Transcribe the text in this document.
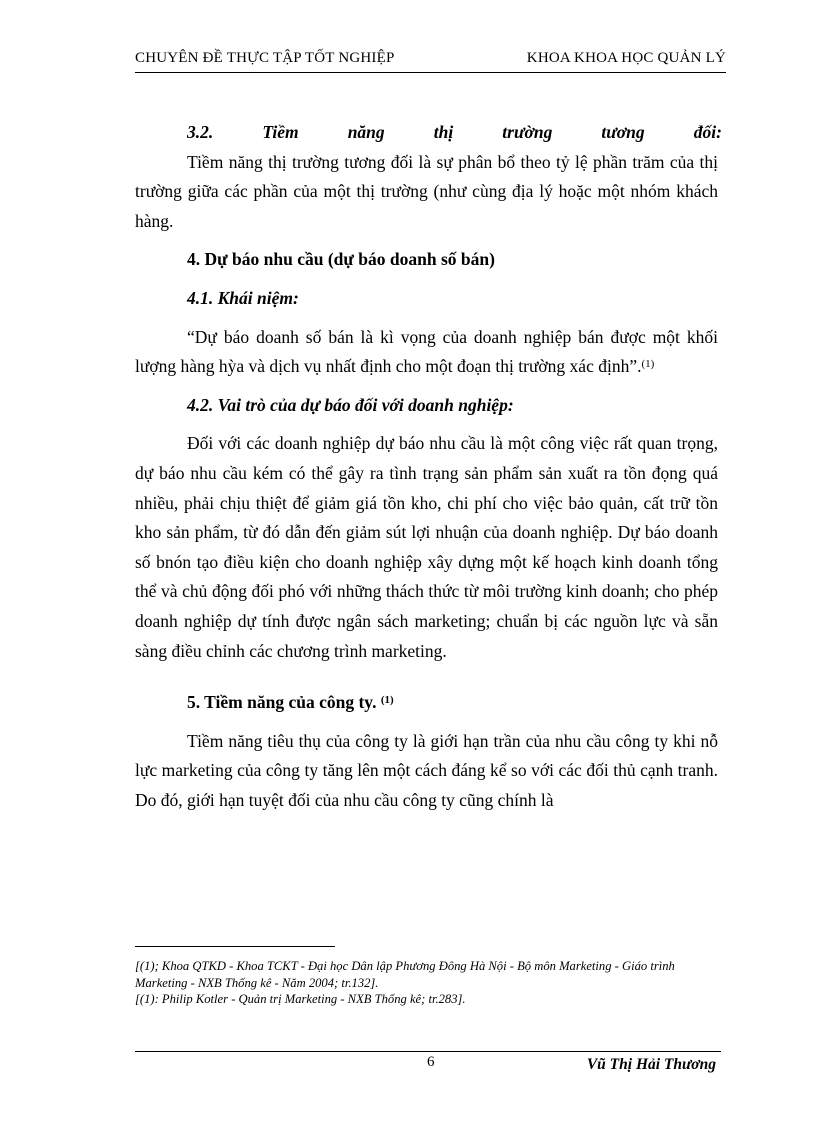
CHUYÊN ĐỀ THỰC TẬP TỐT NGHIỆP	KHOA KHOA HỌC QUẢN LÝ
3.2.	Tiềm	năng	thị	trường	tương	đối:

Tiềm năng thị trường tương đối là sự phân bổ theo tỷ lệ phần trăm của thị trường giữa các phần của một thị trường (như cùng địa lý hoặc một nhóm khách hàng.

4. Dự báo nhu cầu (dự báo doanh số bán)

4.1. Khái niệm:

“Dự báo doanh số bán là kì vọng của doanh nghiệp bán được một khối lượng hàng hỳa và dịch vụ nhất định cho một đoạn thị trường xác định”.$^{(1)}$

4.2. Vai trò của dự báo đối với doanh nghiệp:

Đối với các doanh nghiệp dự báo nhu cầu là một công việc rất quan trọng, dự báo nhu cầu kém có thể gây ra tình trạng sản phẩm sản xuất ra tồn đọng quá nhiều, phải chịu thiệt để giảm giá tồn kho, chi phí cho việc bảo quản, cất trữ tồn kho sản phẩm, từ đó dẫn đến giảm sút lợi nhuận của doanh nghiệp. Dự báo doanh số bnón tạo điều kiện cho doanh nghiệp xây dựng một kế hoạch kinh doanh tổng thể và chủ động đối phó với những thách thức từ môi trường kinh doanh; cho phép doanh nghiệp dự tính được ngân sách marketing; chuẩn bị các nguồn lực và sẵn sàng điều chỉnh các chương trình marketing.

5. Tiềm năng của công ty. $^{(1)}$

Tiềm năng tiêu thụ của công ty là giới hạn trần của nhu cầu công ty khi nỗ lực marketing của công ty tăng lên một cách đáng kể so với các đối thủ cạnh tranh. Do đó, giới hạn tuyệt đối của nhu cầu công ty cũng chính là

[(1); Khoa QTKD - Khoa TCKT - Đại học Dân lập Phương Đông Hà Nội - Bộ môn Marketing - Giáo trình Marketing - NXB Thống kê - Năm 2004; tr.132].

[(1): Philip Kotler - Quản trị Marketing - NXB Thống kê; tr.283].

6	Vũ Thị Hải Thương
